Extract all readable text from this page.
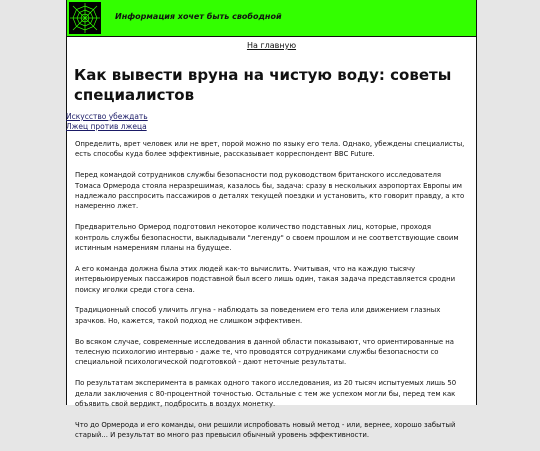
Информация хочет быть свободной
На главную
Как вывести вруна на чистую воду: советы специалистов
Искусство убеждать
Лжец против лжеца

Определить, врет человек или не врет, порой можно по языку его тела. Однако, убеждены специалисты, есть способы куда более эффективные, рассказывает корреспондент BBC Future.

Перед командой сотрудников службы безопасности под руководством британского исследователя Томаса Ормерода стояла неразрешимая, казалось бы, задача: сразу в нескольких аэропортах Европы им надлежало расспросить пассажиров о деталях текущей поездки и установить, кто говорит правду, а кто намеренно лжет.

Предварительно Ормерод подготовил некоторое количество подставных лиц, которые, проходя контроль службы безопасности, выкладывали "легенду" о своем прошлом и не соответствующие своим истинным намерениям планы на будущее.

А его команда должна была этих людей как-то вычислить. Учитывая, что на каждую тысячу интервьюируемых пассажиров подставной был всего лишь один, такая задача представляется сродни поиску иголки среди стога сена.

Традиционный способ уличить лгуна - наблюдать за поведением его тела или движением глазных зрачков. Но, кажется, такой подход не слишком эффективен.

Во всяком случае, современные исследования в данной области показывают, что ориентированные на телесную психологию интервью - даже те, что проводятся сотрудниками службы безопасности со специальной психологической подготовкой - дают неточные результаты.

По результатам эксперимента в рамках одного такого исследования, из 20 тысяч испытуемых лишь 50 делали заключения с 80-процентной точностью. Остальные с тем же успехом могли бы, перед тем как объявить свой вердикт, подбросить в воздух монетку.

Что до Ормерода и его команды, они решили испробовать новый метод - или, вернее, хорошо забытый старый... И результат во много раз превысил обычный уровень эффективности.
